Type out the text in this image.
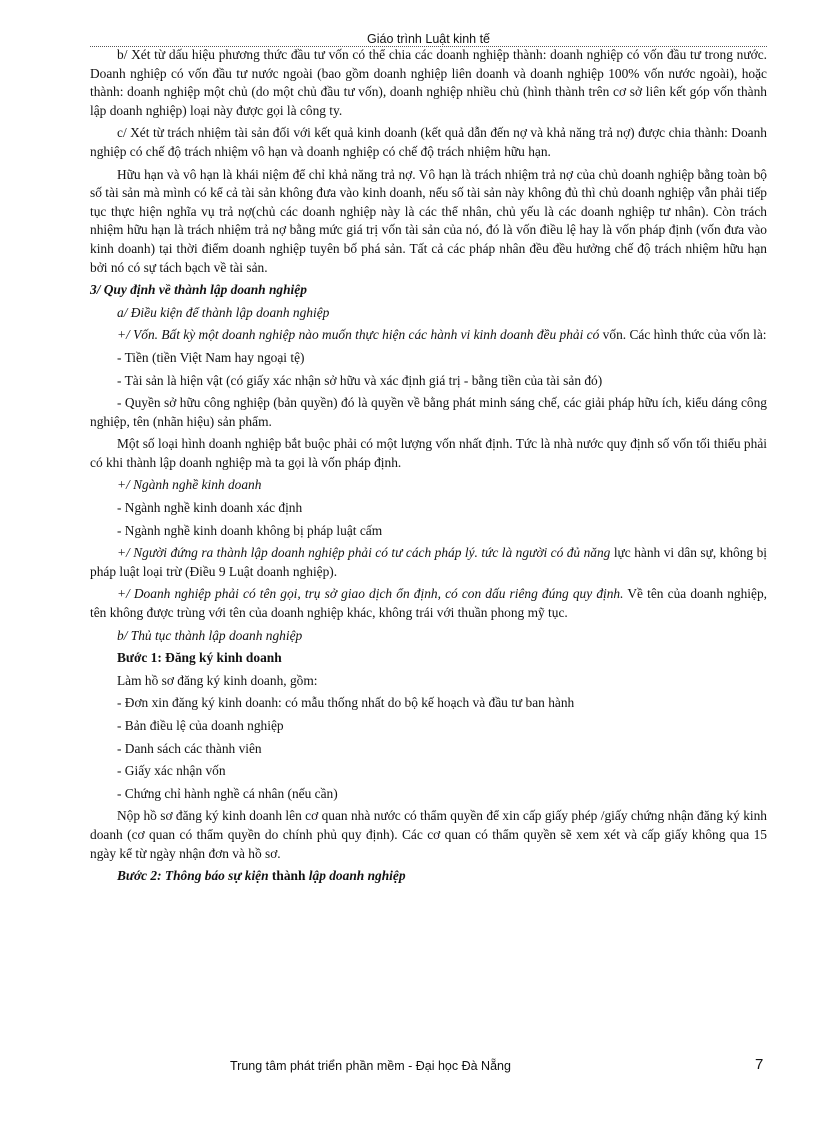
Giáo trình Luật kinh tế

b/ Xét từ dấu hiệu phương thức đầu tư vốn có thể chia các doanh nghiệp thành: doanh nghiệp có vốn đầu tư trong nước. Doanh nghiệp có vốn đầu tư nước ngoài (bao gồm doanh nghiệp liên doanh và doanh nghiệp 100% vốn nước ngoài), hoặc thành: doanh nghiệp một chủ (do một chủ đầu tư vốn), doanh nghiệp nhiều chủ (hình thành trên cơ sở liên kết góp vốn thành lập doanh nghiệp) loại này được gọi là công ty.

c/ Xét từ trách nhiệm tài sản đối với kết quả kinh doanh (kết quả dẫn đến nợ và khả năng trả nợ) được chia thành: Doanh nghiệp có chế độ trách nhiệm vô hạn và doanh nghiệp có chế độ trách nhiệm hữu hạn.

Hữu hạn và vô hạn là khái niệm để chỉ khả năng trả nợ. Vô hạn là trách nhiệm trả nợ của chủ doanh nghiệp bằng toàn bộ số tài sản mà mình có kể cả tài sản không đưa vào kinh doanh, nếu số tài sản này không đủ thì chủ doanh nghiệp vẫn phải tiếp tục thực hiện nghĩa vụ trả nợ(chủ các doanh nghiệp này là các thể nhân, chủ yếu là các doanh nghiệp tư nhân). Còn trách nhiệm hữu hạn là trách nhiệm trả nợ bằng mức giá trị vốn tài sản của nó, đó là vốn điều lệ hay là vốn pháp định (vốn đưa vào kinh doanh) tại thời điểm doanh nghiệp tuyên bố phá sản. Tất cả các pháp nhân đều đều hưởng chế độ trách nhiệm hữu hạn bởi nó có sự tách bạch về tài sản.

3/ Quy định về thành lập doanh nghiệp

a/ Điều kiện để thành lập doanh nghiệp

+/ Vốn. Bất kỳ một doanh nghiệp nào muốn thực hiện các hành vi kinh doanh đều phải có vốn. Các hình thức của vốn là:

- Tiền (tiền Việt Nam hay ngoại tệ)

- Tài sản là hiện vật (có giấy xác nhận sở hữu và xác định giá trị - bằng tiền của tài sản đó)

- Quyền sở hữu công nghiệp (bản quyền) đó là quyền về bằng phát minh sáng chế, các giải pháp hữu ích, kiểu dáng công nghiệp, tên (nhãn hiệu) sản phẩm.

Một số loại hình doanh nghiệp bắt buộc phải có một lượng vốn nhất định. Tức là nhà nước quy định số vốn tối thiểu phải có khi thành lập doanh nghiệp mà ta gọi là vốn pháp định.

+/ Ngành nghề kinh doanh

- Ngành nghề kinh doanh xác định

- Ngành nghề kinh doanh không bị pháp luật cấm

+/ Người đứng ra thành lập doanh nghiệp phải có tư cách pháp lý. tức là người có đủ năng lực hành vi dân sự, không bị pháp luật loại trừ (Điều 9 Luật doanh nghiệp).

+/ Doanh nghiệp phải có tên gọi, trụ sở giao dịch ổn định, có con dấu riêng đúng quy định. Về tên của doanh nghiệp, tên không được trùng với tên của doanh nghiệp khác, không trái với thuần phong mỹ tục.

b/ Thủ tục thành lập doanh nghiệp

Bước 1: Đăng ký kinh doanh

Làm hồ sơ đăng ký kinh doanh, gồm:

- Đơn xin đăng ký kinh doanh: có mẫu thống nhất do bộ kế hoạch và đầu tư ban hành

- Bản điều lệ của doanh nghiệp

- Danh sách các thành viên

- Giấy xác nhận vốn

- Chứng chỉ hành nghề cá nhân (nếu cần)

Nộp hồ sơ đăng ký kinh doanh lên cơ quan nhà nước có thẩm quyền để xin cấp giấy phép /giấy chứng nhận đăng ký kinh doanh (cơ quan có thẩm quyền do chính phủ quy định). Các cơ quan có thẩm quyền sẽ xem xét và cấp giấy không qua 15 ngày kể từ ngày nhận đơn và hồ sơ.

Bước 2: Thông báo sự kiện thành lập doanh nghiệp

Trung tâm phát triển phần mềm - Đại học Đà Nẵng	7
